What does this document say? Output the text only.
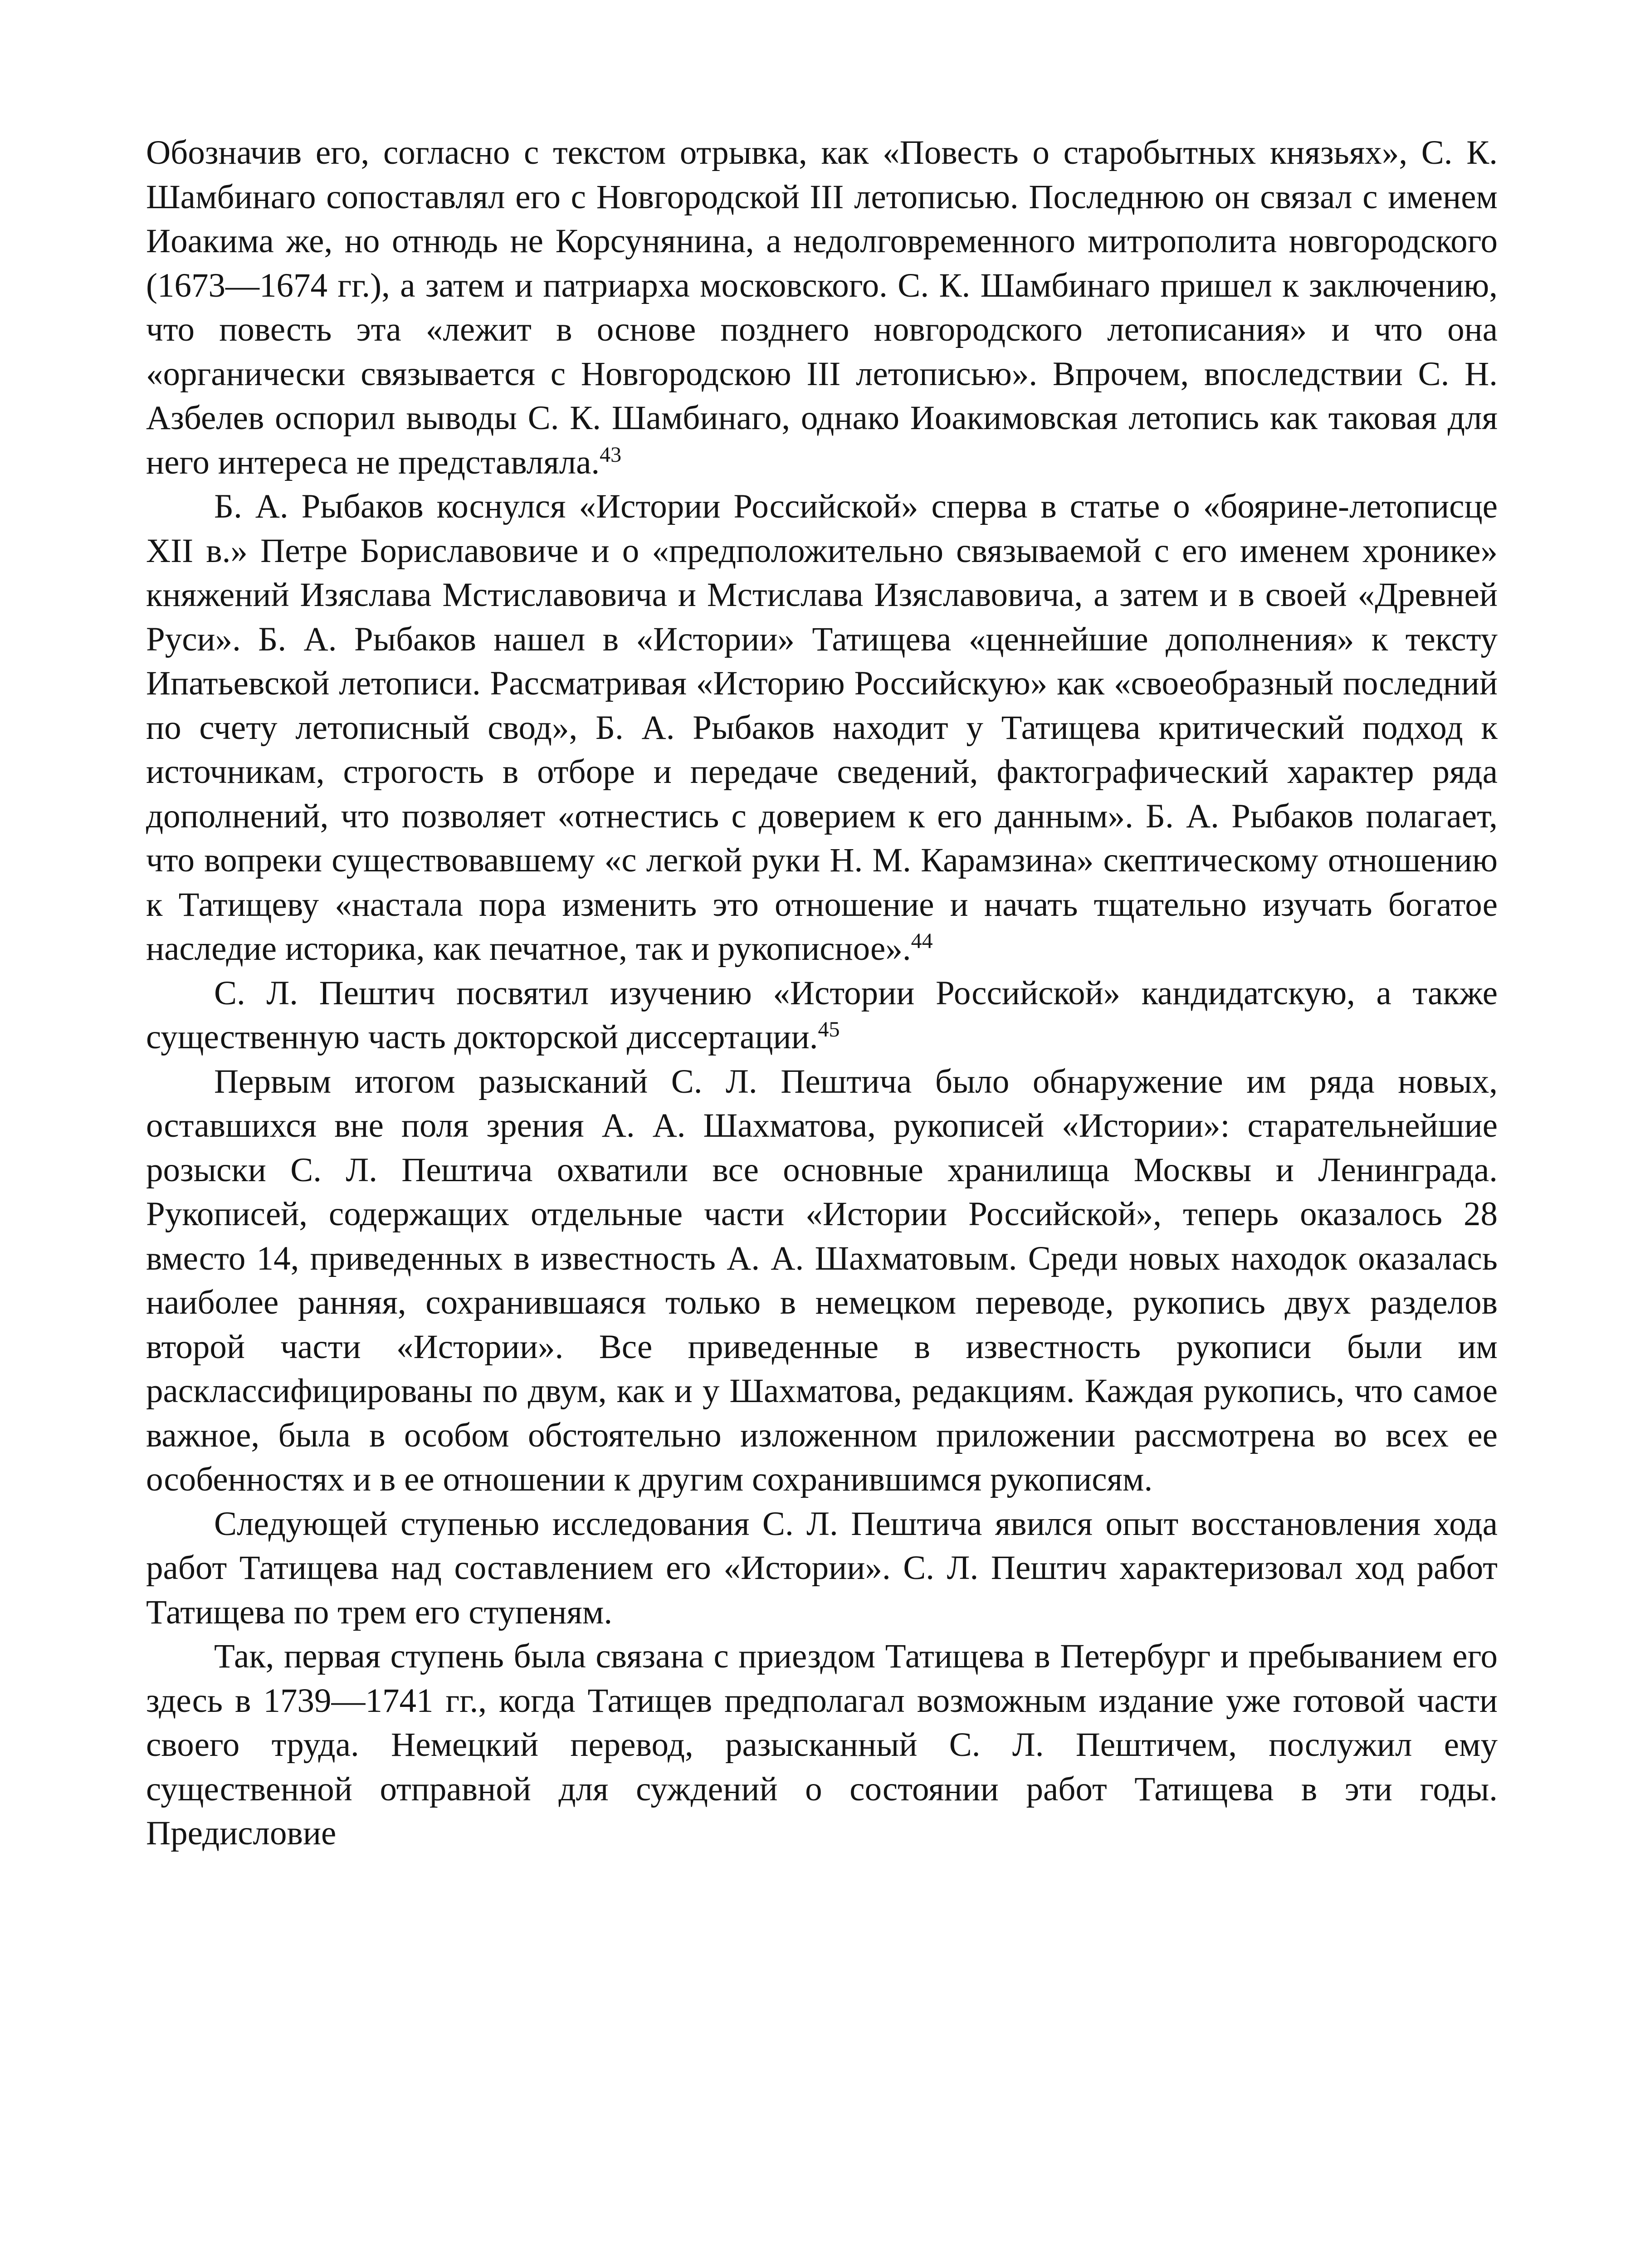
Обозначив его, согласно с текстом отрывка, как «Повесть о старобытных князьях», С. К. Шамбинаго сопоставлял его с Новгородской III летописью. Последнюю он связал с именем Иоакима же, но отнюдь не Корсунянина, а недолговременного митрополита новгородского (1673—1674 гг.), а затем и патриарха московского. С. К. Шамбинаго пришел к заключению, что повесть эта «лежит в основе позднего новгородского летописания» и что она «органически связывается с Новгородскою III летописью». Впрочем, впоследствии С. Н. Азбелев оспорил выводы С. К. Шамбинаго, однако Иоакимовская летопись как таковая для него интереса не представляла.$^{43}$

Б. А. Рыбаков коснулся «Истории Российской» сперва в статье о «боярине-летописце XII в.» Петре Бориславовиче и о «предположительно связываемой с его именем хронике» княжений Изяслава Мстиславовича и Мстислава Изяславовича, а затем и в своей «Древней Руси». Б. А. Рыбаков нашел в «Истории» Татищева «ценнейшие дополнения» к тексту Ипатьевской летописи. Рассматривая «Историю Российскую» как «своеобразный последний по счету летописный свод», Б. А. Рыбаков находит у Татищева критический подход к источникам, строгость в отборе и передаче сведений, фактографический характер ряда дополнений, что позволяет «отнестись с доверием к его данным». Б. А. Рыбаков полагает, что вопреки существовавшему «с легкой руки Н. М. Карамзина» скептическому отношению к Татищеву «настала пора изменить это отношение и начать тщательно изучать богатое наследие историка, как печатное, так и рукописное».$^{44}$

С. Л. Пештич посвятил изучению «Истории Российской» кандидатскую, а также существенную часть докторской диссертации.$^{45}$

Первым итогом разысканий С. Л. Пештича было обнаружение им ряда новых, оставшихся вне поля зрения А. А. Шахматова, рукописей «Истории»: старательнейшие розыски С. Л. Пештича охватили все основные хранилища Москвы и Ленинграда. Рукописей, содержащих отдельные части «Истории Российской», теперь оказалось 28 вместо 14, приведенных в известность А. А. Шахматовым. Среди новых находок оказалась наиболее ранняя, сохранившаяся только в немецком переводе, рукопись двух разделов второй части «Истории». Все приведенные в известность рукописи были им расклассифицированы по двум, как и у Шахматова, редакциям. Каждая рукопись, что самое важное, была в особом обстоятельно изложенном приложении рассмотрена во всех ее особенностях и в ее отношении к другим сохранившимся рукописям.

Следующей ступенью исследования С. Л. Пештича явился опыт восстановления хода работ Татищева над составлением его «Истории». С. Л. Пештич характеризовал ход работ Татищева по трем его ступеням.

Так, первая ступень была связана с приездом Татищева в Петербург и пребыванием его здесь в 1739—1741 гг., когда Татищев предполагал возможным издание уже готовой части своего труда. Немецкий перевод, разысканный С. Л. Пештичем, послужил ему существенной отправной для суждений о состоянии работ Татищева в эти годы. Предисловие
